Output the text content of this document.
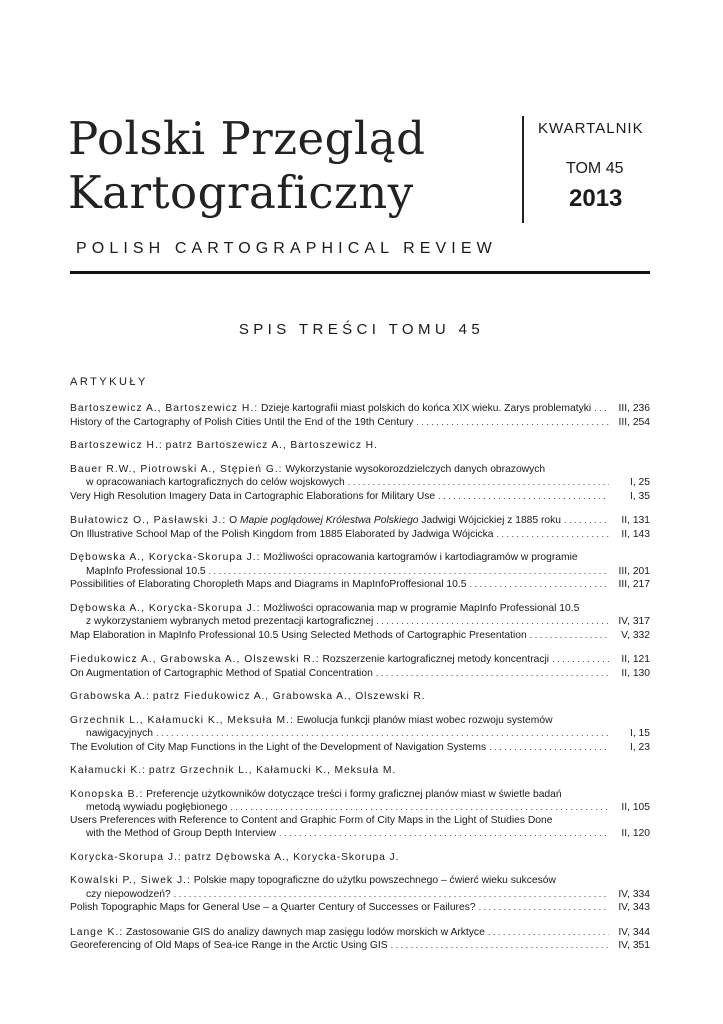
Polski Przegląd
Kartograficzny
KWARTALNIK
TOM 45
2013
POLISH CARTOGRAPHICAL REVIEW
SPIS TREŚCI TOMU 45
ARTYKUŁY
Bartoszewicz A., Bartoszewicz H.: Dzieje kartografii miast polskich do końca XIX wieku. Zarys problematyki . . .	III, 236
History of the Cartography of Polish Cities Until the End of the 19th Century . . .	III, 254
Bartoszewicz H.: patrz Bartoszewicz A., Bartoszewicz H.
Bauer R.W., Piotrowski A., Stępień G.: Wykorzystanie wysokorozdzielczych danych obrazowych
w opracowaniach kartograficznych do celów wojskowych . . .	I, 25
Very High Resolution Imagery Data in Cartographic Elaborations for Military Use . . .	I, 35
Bułatowicz O., Pasławski J.: O Mapie poglądowej Królestwa Polskiego Jadwigi Wójcickiej z 1885 roku . . .	II, 131
On Illustrative School Map of the Polish Kingdom from 1885 Elaborated by Jadwiga Wójcicka . . .	II, 143
Dębowska A., Korycka-Skorupa J.: Możliwości opracowania kartogramów i kartodiagramów w programie
MapInfo Professional 10.5 . . .	III, 201
Possibilities of Elaborating Choropleth Maps and Diagrams in MapInfoProffesional 10.5 . . .	III, 217
Dębowska A., Korycka-Skorupa J.: Możliwości opracowania map w programie MapInfo Professional 10.5
z wykorzystaniem wybranych metod prezentacji kartograficznej . . .	IV, 317
Map Elaboration in MapInfo Professional 10.5 Using Selected Methods of Cartographic Presentation . . .	V, 332
Fiedukowicz A., Grabowska A., Olszewski R.: Rozszerzenie kartograficznej metody koncentracji . . .	II, 121
On Augmentation of Cartographic Method of Spatial Concentration . . .	II, 130
Grabowska A.: patrz Fiedukowicz A., Grabowska A., Olszewski R.
Grzechnik L., Kałamucki K., Meksuła M.: Ewolucja funkcji planów miast wobec rozwoju systemów
nawigacyjnych . . .	I, 15
The Evolution of City Map Functions in the Light of the Development of Navigation Systems . . .	I, 23
Kałamucki K.: patrz Grzechnik L., Kałamucki K., Meksuła M.
Konopska B.: Preferencje użytkowników dotyczące treści i formy graficznej planów miast w świetle badań
metodą wywiadu pogłębionego . . .	II, 105
Users Preferences with Reference to Content and Graphic Form of City Maps in the Light of Studies Done
with the Method of Group Depth Interview . . .	II, 120
Korycka-Skorupa J.: patrz Dębowska A., Korycka-Skorupa J.
Kowalski P., Siwek J.: Polskie mapy topograficzne do użytku powszechnego – ćwierć wieku sukcesów
czy niepowodzeń? . . .	IV, 334
Polish Topographic Maps for General Use – a Quarter Century of Successes or Failures? . . .	IV, 343
Lange K.: Zastosowanie GIS do analizy dawnych map zasięgu lodów morskich w Arktyce . . .	IV, 344
Georeferencing of Old Maps of Sea-ice Range in the Arctic Using GIS . . .	IV, 351
